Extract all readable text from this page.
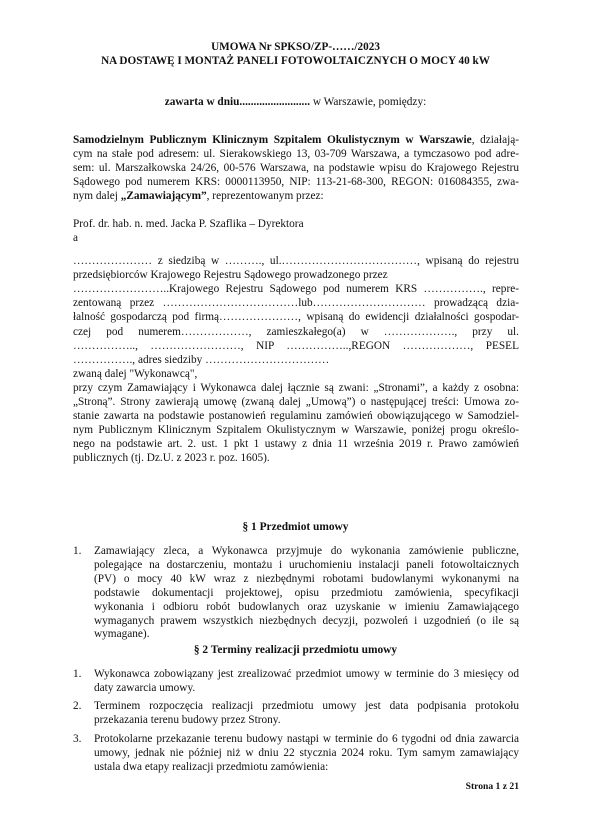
UMOWA Nr SPKSO/ZP-……/2023
NA DOSTAWĘ I MONTAŻ PANELI FOTOWOLTAICZNYCH O MOCY 40 kW
zawarta w dniu......................... w Warszawie, pomiędzy:
Samodzielnym Publicznym Klinicznym Szpitalem Okulistycznym w Warszawie, działają-
cym na stałe pod adresem: ul. Sierakowskiego 13, 03-709 Warszawa, a tymczasowo pod adre-
sem: ul. Marszałkowska 24/26, 00-576 Warszawa, na podstawie wpisu do Krajowego Rejestru
Sądowego pod numerem KRS: 0000113950, NIP: 113-21-68-300, REGON: 016084355, zwa-
nym dalej „Zamawiającym”, reprezentowanym przez:
Prof. dr. hab. n. med. Jacka P. Szaflika – Dyrektora
a
………………… z siedzibą w ………., ul.………………………………, wpisaną do rejestru
przedsiębiorców Krajowego Rejestru Sądowego prowadzonego przez
……………………..Krajowego Rejestru Sądowego pod numerem KRS ……………., repre-
zentowaną przez ………………………………lub………………………… prowadzącą dzia-
łalność gospodarczą pod firmą…………………, wpisaną do ewidencji działalności gospodar-
czej pod numerem………………, zamieszkałego(a) w ………………., przy ul.
…………….., ……………………, NIP ……………..,REGON ………………, PESEL
……………., adres siedziby ……………………………
zwaną dalej "Wykonawcą",
przy czym Zamawiający i Wykonawca dalej łącznie są zwani: „Stronami”, a każdy z osobna:
„Stroną”. Strony zawierają umowę (zwaną dalej „Umową”) o następującej treści: Umowa zo-
stanie zawarta na podstawie postanowień regulaminu zamówień obowiązującego w Samodziel-
nym Publicznym Klinicznym Szpitalem Okulistycznym w Warszawie, poniżej progu określo-
nego na podstawie art. 2. ust. 1 pkt 1 ustawy z dnia 11 września 2019 r. Prawo zamówień
publicznych (tj. Dz.U. z 2023 r. poz. 1605).
§ 1 Przedmiot umowy
1. Zamawiający zleca, a Wykonawca przyjmuje do wykonania zamówienie publiczne,
polegające na dostarczeniu, montażu i uruchomieniu instalacji paneli fotowoltaicznych
(PV) o mocy 40 kW wraz z niezbędnymi robotami budowlanymi wykonanymi na
podstawie dokumentacji projektowej, opisu przedmiotu zamówienia, specyfikacji
wykonania i odbioru robót budowlanych oraz uzyskanie w imieniu Zamawiającego
wymaganych prawem wszystkich niezbędnych decyzji, pozwoleń i uzgodnień (o ile są
wymagane).
§ 2 Terminy realizacji przedmiotu umowy
1. Wykonawca zobowiązany jest zrealizować przedmiot umowy w terminie do 3 miesięcy od
daty zawarcia umowy.
2. Terminem rozpoczęcia realizacji przedmiotu umowy jest data podpisania protokołu
przekazania terenu budowy przez Strony.
3. Protokolarne przekazanie terenu budowy nastąpi w terminie do 6 tygodni od dnia zawarcia
umowy, jednak nie później niż w dniu 22 stycznia 2024 roku. Tym samym zamawiający
ustala dwa etapy realizacji przedmiotu zamówienia:
Strona 1 z 21
